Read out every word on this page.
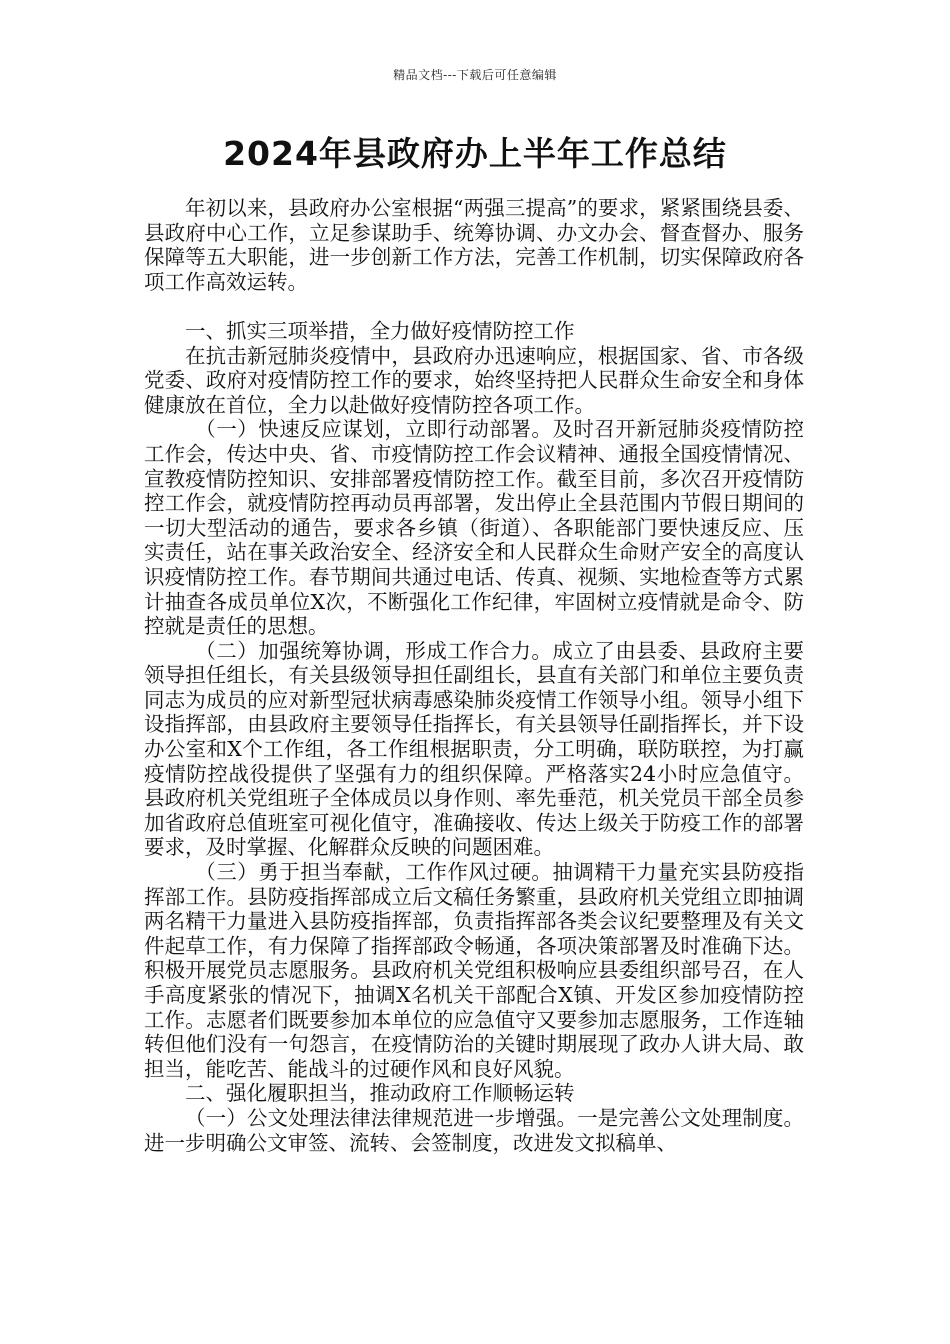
精品文档---下载后可任意编辑
2024年县政府办上半年工作总结

年初以来，县政府办公室根据“两强三提高”的要求，紧紧围绕县委、县政府中心工作，立足参谋助手、统筹协调、办文办会、督查督办、服务保障等五大职能，进一步创新工作方法，完善工作机制，切实保障政府各项工作高效运转。

一、抓实三项举措，全力做好疫情防控工作

在抗击新冠肺炎疫情中，县政府办迅速响应，根据国家、省、市各级党委、政府对疫情防控工作的要求，始终坚持把人民群众生命安全和身体健康放在首位，全力以赴做好疫情防控各项工作。

（一）快速反应谋划，立即行动部署。及时召开新冠肺炎疫情防控工作会，传达中央、省、市疫情防控工作会议精神、通报全国疫情情况、宣教疫情防控知识、安排部署疫情防控工作。截至目前，多次召开疫情防控工作会，就疫情防控再动员再部署，发出停止全县范围内节假日期间的一切大型活动的通告，要求各乡镇（街道）、各职能部门要快速反应、压实责任，站在事关政治安全、经济安全和人民群众生命财产安全的高度认识疫情防控工作。春节期间共通过电话、传真、视频、实地检查等方式累计抽查各成员单位X次，不断强化工作纪律，牢固树立疫情就是命令、防控就是责任的思想。

（二）加强统筹协调，形成工作合力。成立了由县委、县政府主要领导担任组长，有关县级领导担任副组长，县直有关部门和单位主要负责同志为成员的应对新型冠状病毒感染肺炎疫情工作领导小组。领导小组下设指挥部，由县政府主要领导任指挥长，有关县领导任副指挥长，并下设办公室和X个工作组，各工作组根据职责，分工明确，联防联控，为打赢疫情防控战役提供了坚强有力的组织保障。严格落实24小时应急值守。县政府机关党组班子全体成员以身作则、率先垂范，机关党员干部全员参加省政府总值班室可视化值守，准确接收、传达上级关于防疫工作的部署要求，及时掌握、化解群众反映的问题困难。

（三）勇于担当奉献，工作作风过硬。抽调精干力量充实县防疫指挥部工作。县防疫指挥部成立后文稿任务繁重，县政府机关党组立即抽调两名精干力量进入县防疫指挥部，负责指挥部各类会议纪要整理及有关文件起草工作，有力保障了指挥部政令畅通，各项决策部署及时准确下达。积极开展党员志愿服务。县政府机关党组积极响应县委组织部号召，在人手高度紧张的情况下，抽调X名机关干部配合X镇、开发区参加疫情防控工作。志愿者们既要参加本单位的应急值守又要参加志愿服务，工作连轴转但他们没有一句怨言，在疫情防治的关键时期展现了政办人讲大局、敢担当，能吃苦、能战斗的过硬作风和良好风貌。

二、强化履职担当，推动政府工作顺畅运转

（一）公文处理法律法律规范进一步增强。一是完善公文处理制度。进一步明确公文审签、流转、会签制度，改进发文拟稿单、
